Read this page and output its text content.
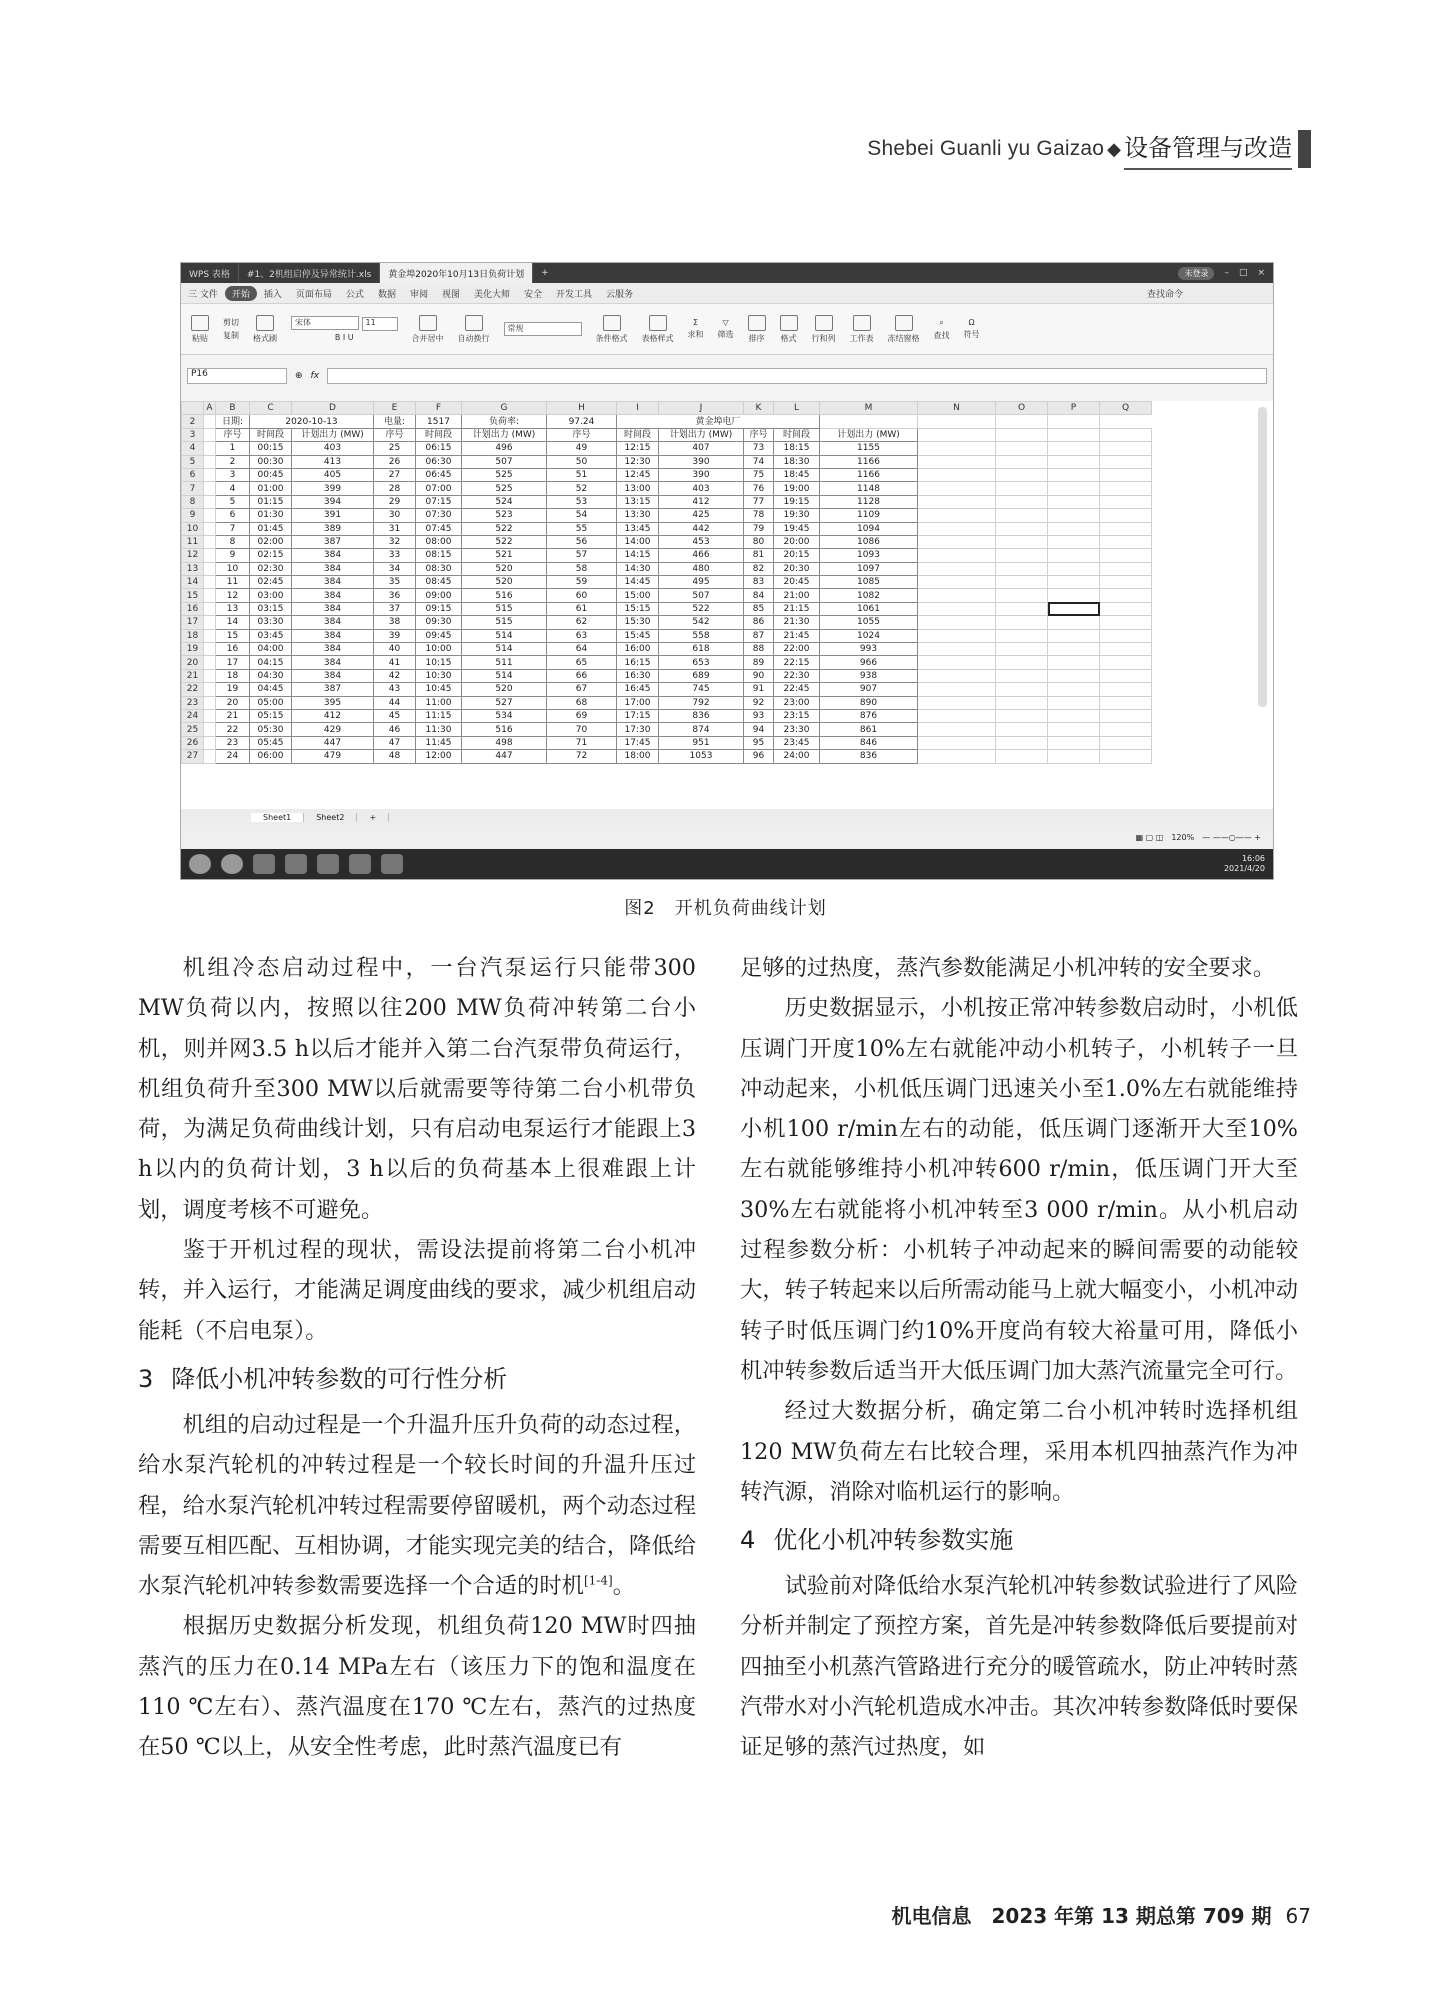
Shebei Guanli yu Gaizao ◆ 设备管理与改造
WPS 表格	#1、2机组启停及异常统计.xls	黄金埠2020年10月13日负荷计划	+	未登录	– □ ×
三 文件	开始	插入	页面布局	公式	数据	审阅	视图	美化大师	安全	开发工具	云服务	查找命令
粘贴
剪切
复制 格式刷
宋体	11
B I U	合并居中 自动换行
常规
条件格式 表格样式
Σ
求和
▽
筛选 排序 格式 行和列 工作表 冻结窗格
⌕
查找
Ω
符号
P16	⊕ fx
	A	B	C	D	E	F	G	H	I	J	K	L	M	N	O	P	Q
2		日期:	2020-10-13		电量:	1517	负荷率:	97.24	黄金埠电厂								
3		序号	时间段	计划出力 (MW)	序号	时间段	计划出力 (MW)	序号	时间段	计划出力 (MW)	序号	时间段	计划出力 (MW)				
4		1	00:15	403	25	06:15	496	49	12:15	407	73	18:15	1155				
5		2	00:30	413	26	06:30	507	50	12:30	390	74	18:30	1166				
6		3	00:45	405	27	06:45	525	51	12:45	390	75	18:45	1166				
7		4	01:00	399	28	07:00	525	52	13:00	403	76	19:00	1148				
8		5	01:15	394	29	07:15	524	53	13:15	412	77	19:15	1128				
9		6	01:30	391	30	07:30	523	54	13:30	425	78	19:30	1109				
10		7	01:45	389	31	07:45	522	55	13:45	442	79	19:45	1094				
11		8	02:00	387	32	08:00	522	56	14:00	453	80	20:00	1086				
12		9	02:15	384	33	08:15	521	57	14:15	466	81	20:15	1093				
13		10	02:30	384	34	08:30	520	58	14:30	480	82	20:30	1097				
14		11	02:45	384	35	08:45	520	59	14:45	495	83	20:45	1085				
15		12	03:00	384	36	09:00	516	60	15:00	507	84	21:00	1082				
16		13	03:15	384	37	09:15	515	61	15:15	522	85	21:15	1061				
17		14	03:30	384	38	09:30	515	62	15:30	542	86	21:30	1055				
18		15	03:45	384	39	09:45	514	63	15:45	558	87	21:45	1024				
19		16	04:00	384	40	10:00	514	64	16:00	618	88	22:00	993				
20		17	04:15	384	41	10:15	511	65	16:15	653	89	22:15	966				
21		18	04:30	384	42	10:30	514	66	16:30	689	90	22:30	938				
22		19	04:45	387	43	10:45	520	67	16:45	745	91	22:45	907				
23		20	05:00	395	44	11:00	527	68	17:00	792	92	23:00	890				
24		21	05:15	412	45	11:15	534	69	17:15	836	93	23:15	876				
25		22	05:30	429	46	11:30	516	70	17:30	874	94	23:30	861				
26		23	05:45	447	47	11:45	498	71	17:45	951	95	23:45	846				
27		24	06:00	479	48	12:00	447	72	18:00	1053	96	24:00	836				
Sheet1	Sheet2	+
▦ ▢ ◫ 120% — ——○—— +
16:06
2021/4/20
图2　开机负荷曲线计划

机组冷态启动过程中，一台汽泵运行只能带300 MW负荷以内，按照以往200 MW负荷冲转第二台小机，则并网3.5 h以后才能并入第二台汽泵带负荷运行，机组负荷升至300 MW以后就需要等待第二台小机带负荷，为满足负荷曲线计划，只有启动电泵运行才能跟上3 h以内的负荷计划，3 h以后的负荷基本上很难跟上计划，调度考核不可避免。

鉴于开机过程的现状，需设法提前将第二台小机冲转，并入运行，才能满足调度曲线的要求，减少机组启动能耗（不启电泵）。

3 降低小机冲转参数的可行性分析

机组的启动过程是一个升温升压升负荷的动态过程，给水泵汽轮机的冲转过程是一个较长时间的升温升压过程，给水泵汽轮机冲转过程需要停留暖机，两个动态过程需要互相匹配、互相协调，才能实现完美的结合，降低给水泵汽轮机冲转参数需要选择一个合适的时机[1-4]。

根据历史数据分析发现，机组负荷120 MW时四抽蒸汽的压力在0.14 MPa左右（该压力下的饱和温度在110 ℃左右）、蒸汽温度在170 ℃左右，蒸汽的过热度在50 ℃以上，从安全性考虑，此时蒸汽温度已有

足够的过热度，蒸汽参数能满足小机冲转的安全要求。

历史数据显示，小机按正常冲转参数启动时，小机低压调门开度10%左右就能冲动小机转子，小机转子一旦冲动起来，小机低压调门迅速关小至1.0%左右就能维持小机100 r/min左右的动能，低压调门逐渐开大至10%左右就能够维持小机冲转600 r/min，低压调门开大至30%左右就能将小机冲转至3 000 r/min。从小机启动过程参数分析：小机转子冲动起来的瞬间需要的动能较大，转子转起来以后所需动能马上就大幅变小，小机冲动转子时低压调门约10%开度尚有较大裕量可用，降低小机冲转参数后适当开大低压调门加大蒸汽流量完全可行。

经过大数据分析，确定第二台小机冲转时选择机组120 MW负荷左右比较合理，采用本机四抽蒸汽作为冲转汽源，消除对临机运行的影响。

4 优化小机冲转参数实施

试验前对降低给水泵汽轮机冲转参数试验进行了风险分析并制定了预控方案，首先是冲转参数降低后要提前对四抽至小机蒸汽管路进行充分的暖管疏水，防止冲转时蒸汽带水对小汽轮机造成水冲击。其次冲转参数降低时要保证足够的蒸汽过热度，如

机电信息　2023 年第 13 期总第 709 期 67
